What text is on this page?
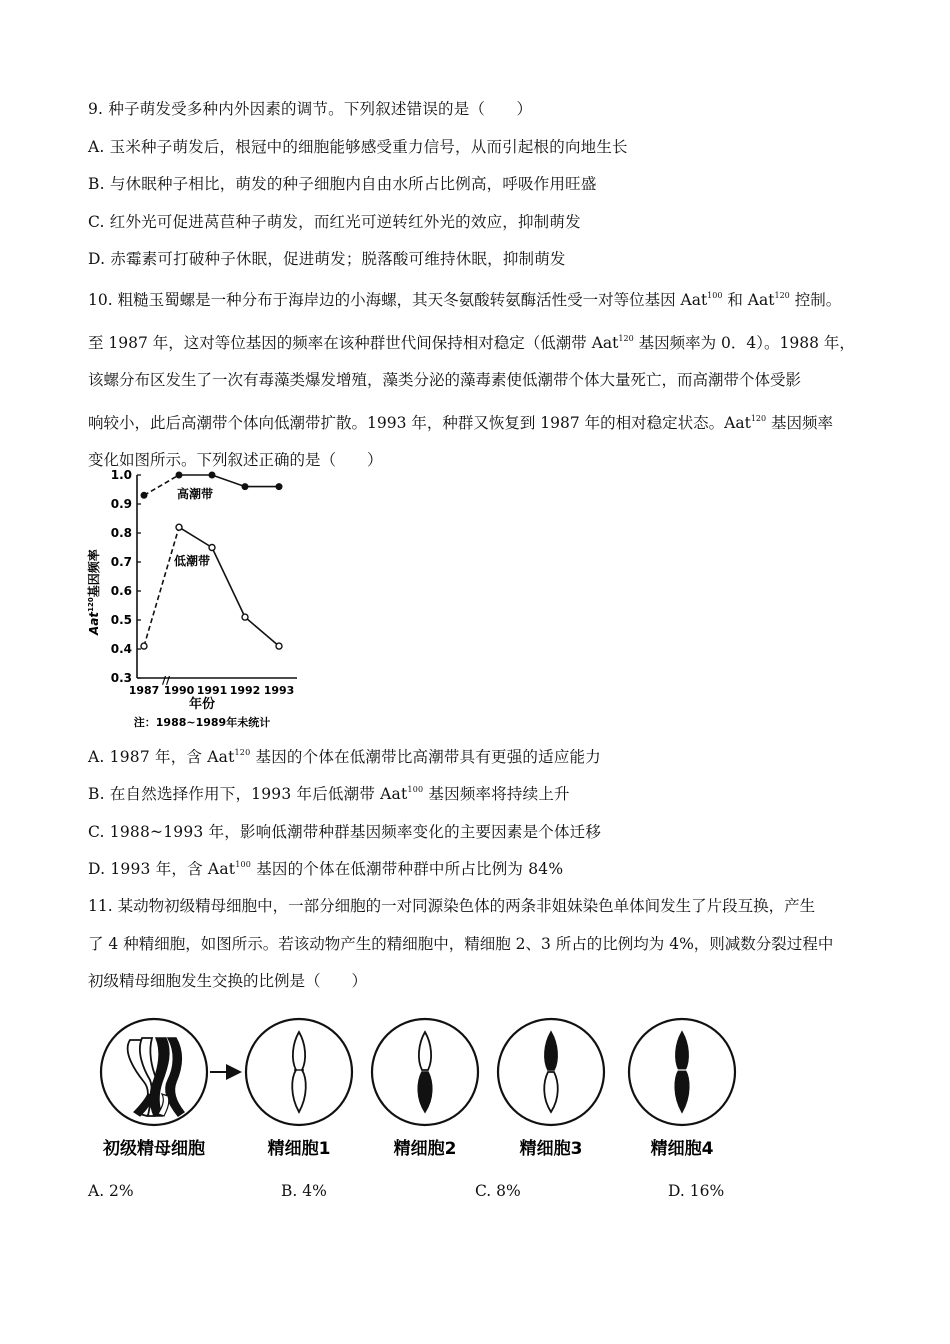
9. 种子萌发受多种内外因素的调节。下列叙述错误的是（　　）
A. 玉米种子萌发后，根冠中的细胞能够感受重力信号，从而引起根的向地生长
B. 与休眠种子相比，萌发的种子细胞内自由水所占比例高，呼吸作用旺盛
C. 红外光可促进莴苣种子萌发，而红光可逆转红外光的效应，抑制萌发
D. 赤霉素可打破种子休眠，促进萌发；脱落酸可维持休眠，抑制萌发
10. 粗糙玉蜀螺是一种分布于海岸边的小海螺，其天冬氨酸转氨酶活性受一对等位基因 Aat$^{100}$ 和 Aat$^{120}$ 控制。
至 1987 年，这对等位基因的频率在该种群世代间保持相对稳定（低潮带 Aat$^{120}$ 基因频率为 0．4）。1988 年，
该螺分布区发生了一次有毒藻类爆发增殖，藻类分泌的藻毒素使低潮带个体大量死亡，而高潮带个体受影
响较小，此后高潮带个体向低潮带扩散。1993 年，种群又恢复到 1987 年的相对稳定状态。Aat$^{120}$ 基因频率
变化如图所示。下列叙述正确的是（　　）
0.3
0.4
0.5
0.6
0.7
0.8
0.9
1.0
1987 1990 1991 1992 1993
//
高潮带
低潮带
Aat$^{120}$基因频率
年份
注：1988~1989年未统计
A. 1987 年，含 Aat$^{120}$ 基因的个体在低潮带比高潮带具有更强的适应能力
B. 在自然选择作用下，1993 年后低潮带 Aat$^{100}$ 基因频率将持续上升
C. 1988~1993 年，影响低潮带种群基因频率变化的主要因素是个体迁移
D. 1993 年，含 Aat$^{100}$ 基因的个体在低潮带种群中所占比例为 84%
11. 某动物初级精母细胞中，一部分细胞的一对同源染色体的两条非姐妹染色单体间发生了片段互换，产生
了 4 种精细胞，如图所示。若该动物产生的精细胞中，精细胞 2、3 所占的比例均为 4%，则减数分裂过程中
初级精母细胞发生交换的比例是（　　）
初级精母细胞	精细胞1	精细胞2	精细胞3	精细胞4
A. 2%	B. 4%	C. 8%	D. 16%
